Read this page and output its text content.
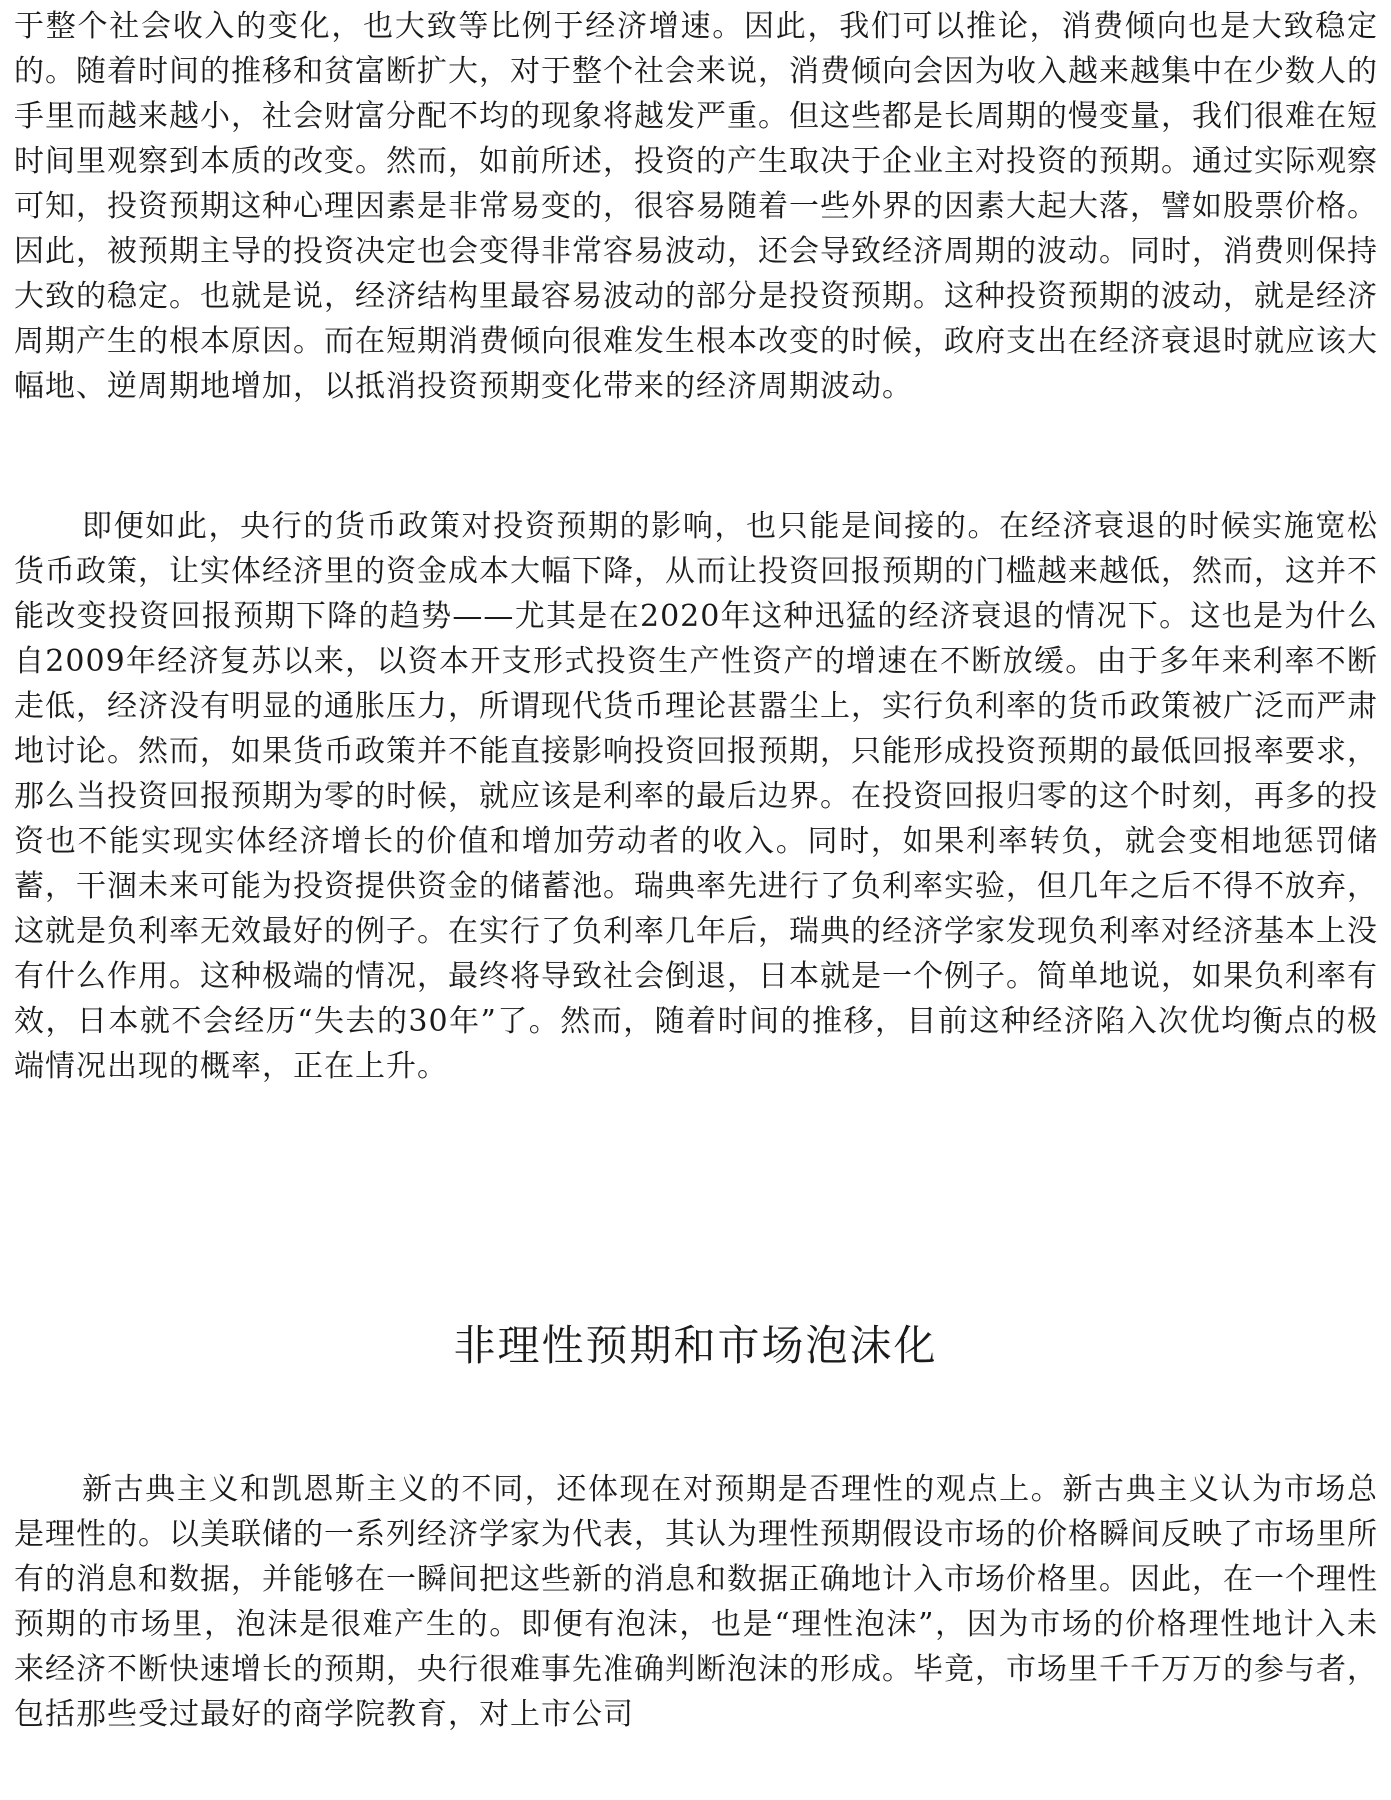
于整个社会收入的变化，也大致等比例于经济增速。因此，我们可以推论，消费倾向也是大致稳定的。随着时间的推移和贫富断扩大，对于整个社会来说，消费倾向会因为收入越来越集中在少数人的手里而越来越小，社会财富分配不均的现象将越发严重。但这些都是长周期的慢变量，我们很难在短时间里观察到本质的改变。然而，如前所述，投资的产生取决于企业主对投资的预期。通过实际观察可知，投资预期这种心理因素是非常易变的，很容易随着一些外界的因素大起大落，譬如股票价格。因此，被预期主导的投资决定也会变得非常容易波动，还会导致经济周期的波动。同时，消费则保持大致的稳定。也就是说，经济结构里最容易波动的部分是投资预期。这种投资预期的波动，就是经济周期产生的根本原因。而在短期消费倾向很难发生根本改变的时候，政府支出在经济衰退时就应该大幅地、逆周期地增加，以抵消投资预期变化带来的经济周期波动。

即便如此，央行的货币政策对投资预期的影响，也只能是间接的。在经济衰退的时候实施宽松货币政策，让实体经济里的资金成本大幅下降，从而让投资回报预期的门槛越来越低，然而，这并不能改变投资回报预期下降的趋势——尤其是在2020年这种迅猛的经济衰退的情况下。这也是为什么自2009年经济复苏以来，以资本开支形式投资生产性资产的增速在不断放缓。由于多年来利率不断走低，经济没有明显的通胀压力，所谓现代货币理论甚嚣尘上，实行负利率的货币政策被广泛而严肃地讨论。然而，如果货币政策并不能直接影响投资回报预期，只能形成投资预期的最低回报率要求，那么当投资回报预期为零的时候，就应该是利率的最后边界。在投资回报归零的这个时刻，再多的投资也不能实现实体经济增长的价值和增加劳动者的收入。同时，如果利率转负，就会变相地惩罚储蓄，干涸未来可能为投资提供资金的储蓄池。瑞典率先进行了负利率实验，但几年之后不得不放弃，这就是负利率无效最好的例子。在实行了负利率几年后，瑞典的经济学家发现负利率对经济基本上没有什么作用。这种极端的情况，最终将导致社会倒退，日本就是一个例子。简单地说，如果负利率有效，日本就不会经历“失去的30年”了。然而，随着时间的推移，目前这种经济陷入次优均衡点的极端情况出现的概率，正在上升。

非理性预期和市场泡沫化

新古典主义和凯恩斯主义的不同，还体现在对预期是否理性的观点上。新古典主义认为市场总是理性的。以美联储的一系列经济学家为代表，其认为理性预期假设市场的价格瞬间反映了市场里所有的消息和数据，并能够在一瞬间把这些新的消息和数据正确地计入市场价格里。因此，在一个理性预期的市场里，泡沫是很难产生的。即便有泡沫，也是“理性泡沫”，因为市场的价格理性地计入未来经济不断快速增长的预期，央行很难事先准确判断泡沫的形成。毕竟，市场里千千万万的参与者，包括那些受过最好的商学院教育，对上市公司
